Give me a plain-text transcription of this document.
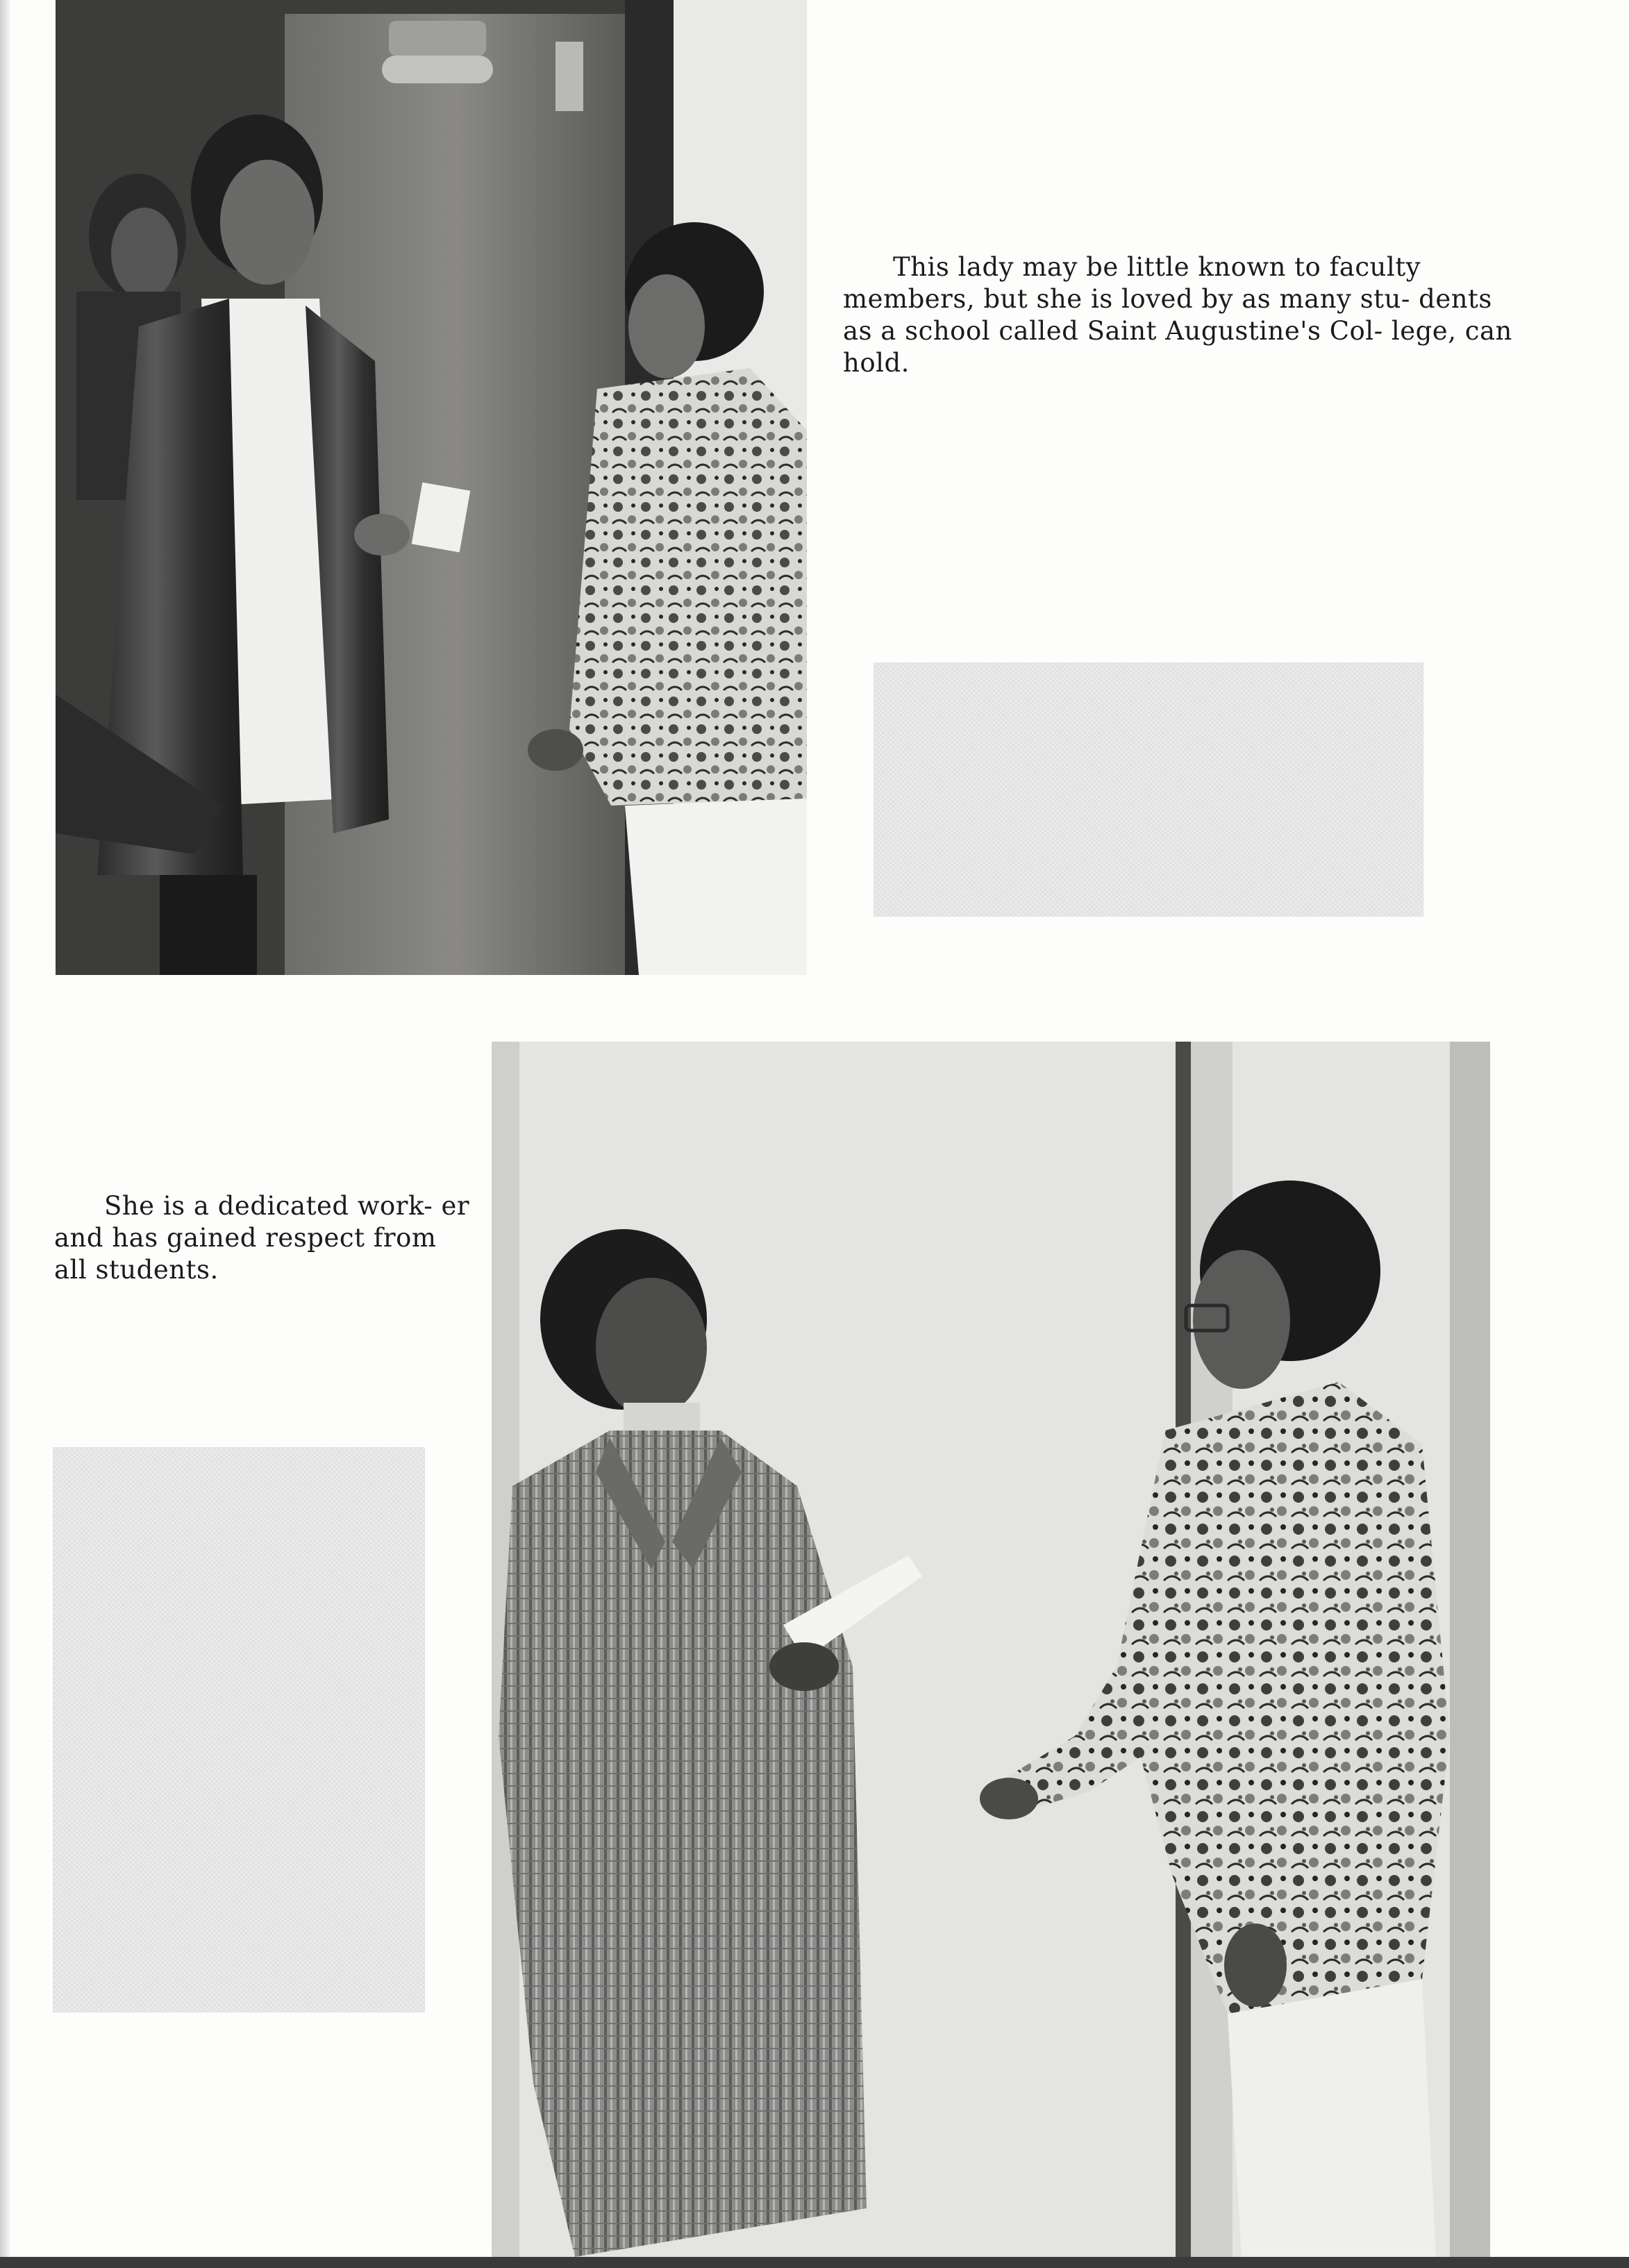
This lady may be little known to faculty members, but she is loved by as many stu- dents as a school called Saint Augustine's Col- lege, can hold.

She is a dedicated work- er and has gained respect from all students.
